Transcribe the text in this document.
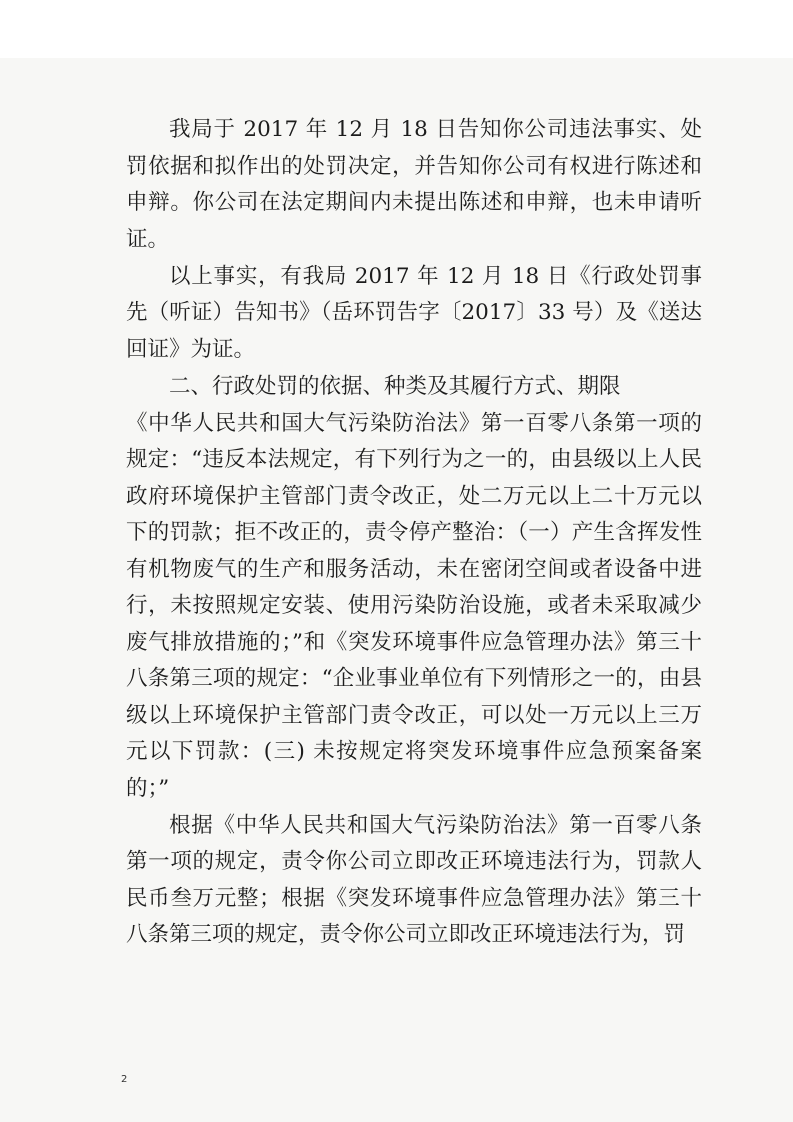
我局于 2017 年 12 月 18 日告知你公司违法事实、处罚依据和拟作出的处罚决定，并告知你公司有权进行陈述和申辩。你公司在法定期间内未提出陈述和申辩，也未申请听证。

以上事实，有我局 2017 年 12 月 18 日《行政处罚事先（听证）告知书》（岳环罚告字〔2017〕33 号）及《送达回证》为证。

二、行政处罚的依据、种类及其履行方式、期限

《中华人民共和国大气污染防治法》第一百零八条第一项的规定：“违反本法规定，有下列行为之一的，由县级以上人民政府环境保护主管部门责令改正，处二万元以上二十万元以下的罚款；拒不改正的，责令停产整治：（一）产生含挥发性有机物废气的生产和服务活动，未在密闭空间或者设备中进行，未按照规定安装、使用污染防治设施，或者未采取减少废气排放措施的；”和《突发环境事件应急管理办法》第三十八条第三项的规定：“企业事业单位有下列情形之一的，由县级以上环境保护主管部门责令改正，可以处一万元以上三万元以下罚款：(三) 未按规定将突发环境事件应急预案备案的；”

根据《中华人民共和国大气污染防治法》第一百零八条第一项的规定，责令你公司立即改正环境违法行为，罚款人民币叁万元整；根据《突发环境事件应急管理办法》第三十八条第三项的规定，责令你公司立即改正环境违法行为，罚

2
